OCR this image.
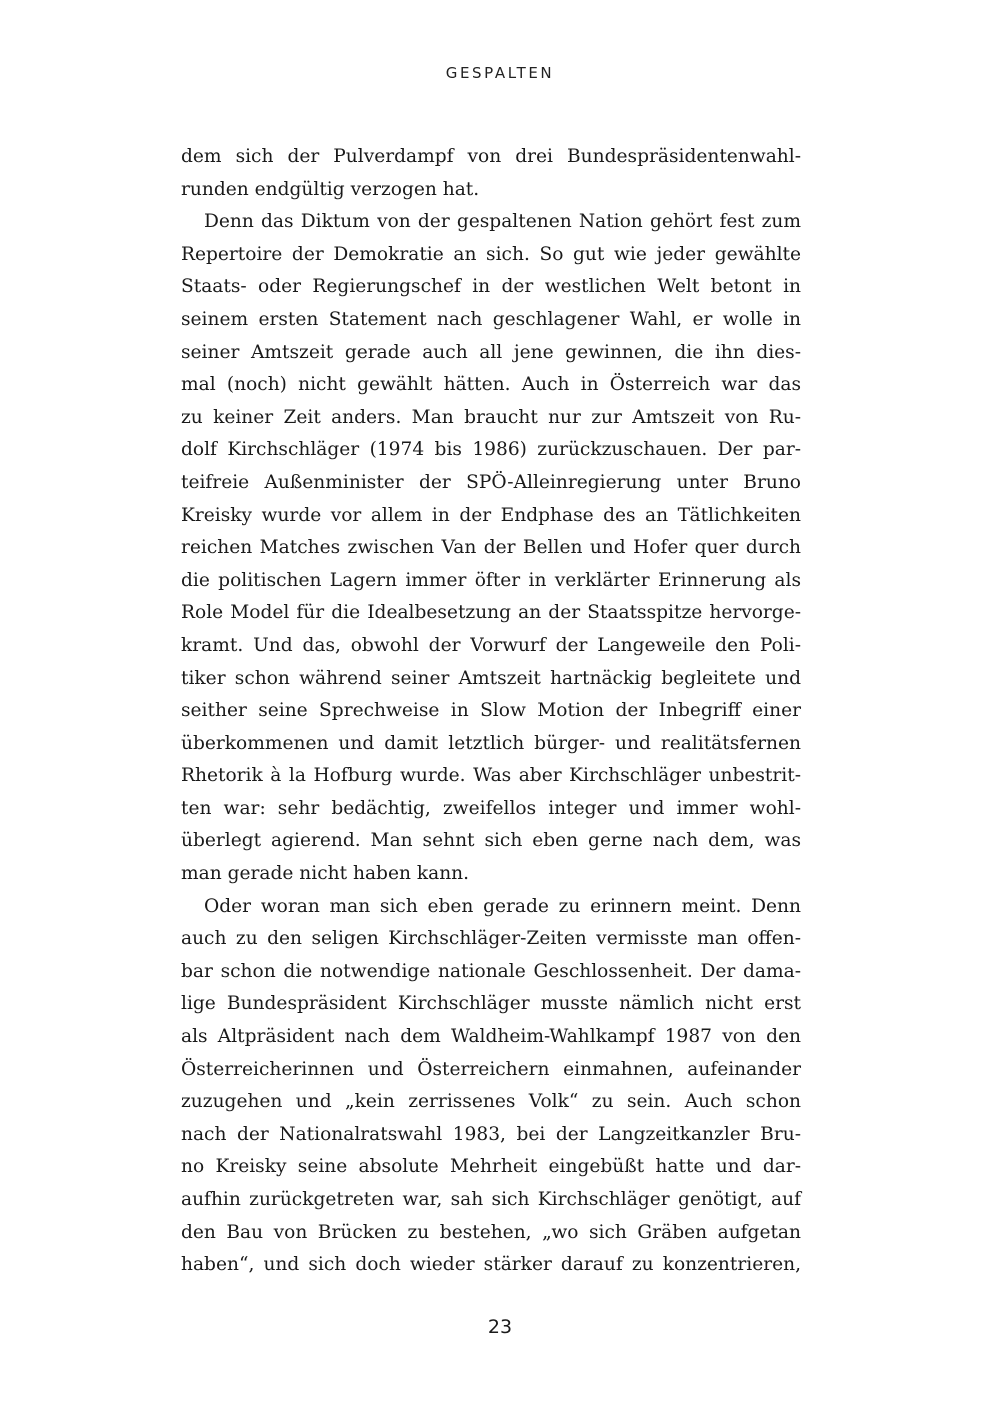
GESPALTEN
dem sich der Pulverdampf von drei Bundespräsidentenwahl-
runden endgültig verzogen hat.
Denn das Diktum von der gespaltenen Nation gehört fest zum
Repertoire der Demokratie an sich. So gut wie jeder gewählte
Staats- oder Regierungschef in der westlichen Welt betont in
seinem ersten Statement nach geschlagener Wahl, er wolle in
seiner Amtszeit gerade auch all jene gewinnen, die ihn dies-
mal (noch) nicht gewählt hätten. Auch in Österreich war das
zu keiner Zeit anders. Man braucht nur zur Amtszeit von Ru-
dolf Kirchschläger (1974 bis 1986) zurückzuschauen. Der par-
teifreie Außenminister der SPÖ-Alleinregierung unter Bruno
Kreisky wurde vor allem in der Endphase des an Tätlichkeiten
reichen Matches zwischen Van der Bellen und Hofer quer durch
die politischen Lagern immer öfter in verklärter Erinnerung als
Role Model für die Idealbesetzung an der Staatsspitze hervorge-
kramt. Und das, obwohl der Vorwurf der Langeweile den Poli-
tiker schon während seiner Amtszeit hartnäckig begleitete und
seither seine Sprechweise in Slow Motion der Inbegriff einer
überkommenen und damit letztlich bürger- und realitätsfernen
Rhetorik à la Hofburg wurde. Was aber Kirchschläger unbestrit-
ten war: sehr bedächtig, zweifellos integer und immer wohl-
überlegt agierend. Man sehnt sich eben gerne nach dem, was
man gerade nicht haben kann.
Oder woran man sich eben gerade zu erinnern meint. Denn
auch zu den seligen Kirchschläger-Zeiten vermisste man offen-
bar schon die notwendige nationale Geschlossenheit. Der dama-
lige Bundespräsident Kirchschläger musste nämlich nicht erst
als Altpräsident nach dem Waldheim-Wahlkampf 1987 von den
Österreicherinnen und Österreichern einmahnen, aufeinander
zuzugehen und „kein zerrissenes Volk“ zu sein. Auch schon
nach der Nationalratswahl 1983, bei der Langzeitkanzler Bru-
no Kreisky seine absolute Mehrheit eingebüßt hatte und dar-
aufhin zurückgetreten war, sah sich Kirchschläger genötigt, auf
den Bau von Brücken zu bestehen, „wo sich Gräben aufgetan
haben“, und sich doch wieder stärker darauf zu konzentrieren,
23
